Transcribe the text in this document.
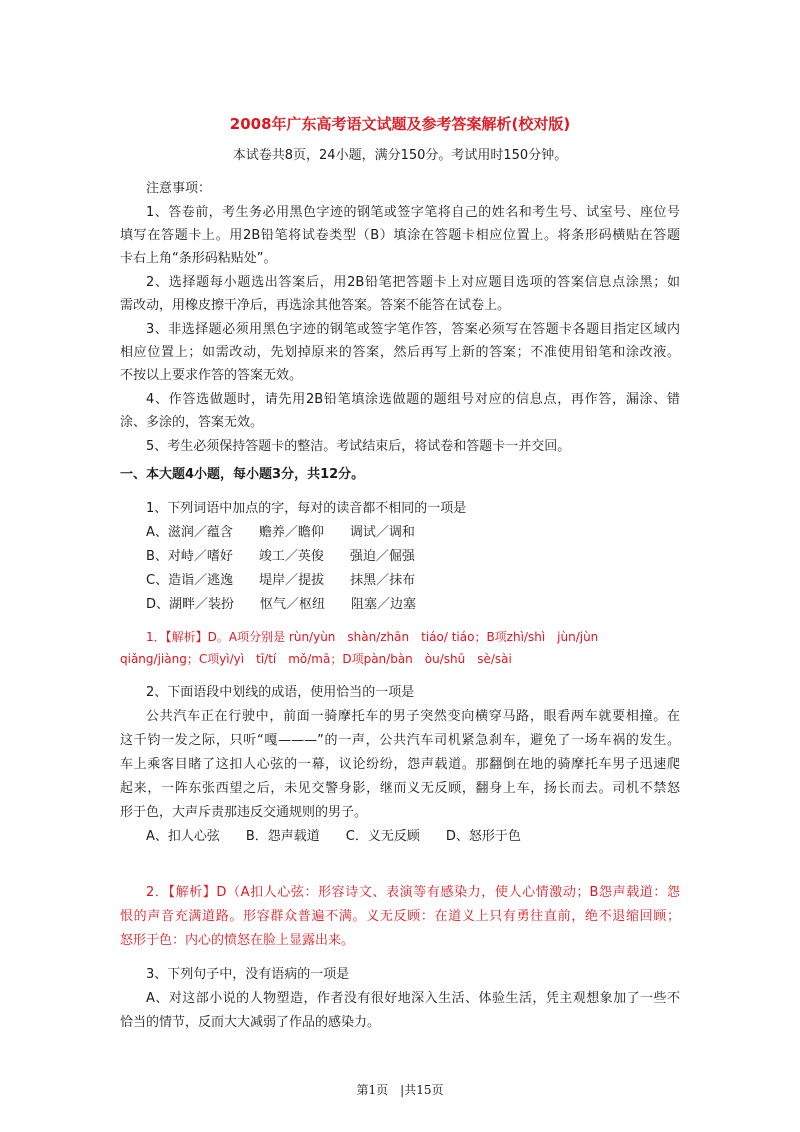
2008年广东高考语文试题及参考答案解析(校对版)
本试卷共8页，24小题，满分150分。考试用时150分钟。
注意事项：
1、答卷前，考生务必用黑色字迹的钢笔或签字笔将自己的姓名和考生号、试室号、座位号
填写在答题卡上。用2B铅笔将试卷类型（B）填涂在答题卡相应位置上。将条形码横贴在答题
卡右上角“条形码粘贴处”。
2、选择题每小题选出答案后，用2B铅笔把答题卡上对应题目选项的答案信息点涂黑；如
需改动，用橡皮擦干净后，再选涂其他答案。答案不能答在试卷上。
3、非选择题必须用黑色字迹的钢笔或签字笔作答，答案必须写在答题卡各题目指定区域内
相应位置上；如需改动，先划掉原来的答案，然后再写上新的答案；不准使用铅笔和涂改液。
不按以上要求作答的答案无效。
4、作答选做题时，请先用2B铅笔填涂选做题的题组号对应的信息点，再作答，漏涂、错
涂、多涂的，答案无效。
5、考生必须保持答题卡的整洁。考试结束后，将试卷和答题卡一并交回。
一、本大题4小题，每小题3分，共12分。
1、下列词语中加点的字，每对的读音都不相同的一项是
A、滋润／蕴含　　赡养／瞻仰　　调试／调和
B、对峙／嗜好　　竣工／英俊　　强迫／倔强
C、造诣／逃逸　　堤岸／提拔　　抹黑／抹布
D、湖畔／装扮　　怄气／枢纽　　阻塞／边塞
1．【解析】D。A项分别是 rùn/yùn　shàn/zhān　tiáo/ tiáo；B项zhì/shì　jùn/jùn
qiǎng/jiàng；C项yì/yì　tī/tí　mǒ/mā；D项pàn/bàn　òu/shū　sè/sài
2、下面语段中划线的成语，使用恰当的一项是
公共汽车正在行驶中，前面一骑摩托车的男子突然变向横穿马路，眼看两车就要相撞。在
这千钧一发之际，只听“嘎———”的一声，公共汽车司机紧急刹车，避免了一场车祸的发生。
车上乘客目睹了这扣人心弦的一幕，议论纷纷，怨声载道。那翻倒在地的骑摩托车男子迅速爬
起来，一阵东张西望之后，未见交警身影，继而义无反顾，翻身上车，扬长而去。司机不禁怒
形于色，大声斥责那违反交通规则的男子。
A、扣人心弦　　B．怨声载道　　C．义无反顾　　D、怒形于色
2．【解析】D（A扣人心弦：形容诗文、表演等有感染力，使人心情激动；B怨声载道：怨
恨的声音充满道路。形容群众普遍不满。义无反顾：在道义上只有勇往直前，绝不退缩回顾；
怒形于色：内心的愤怒在脸上显露出来。
3、下列句子中，没有语病的一项是
A、对这部小说的人物塑造，作者没有很好地深入生活、体验生活，凭主观想象加了一些不
恰当的情节，反而大大减弱了作品的感染力。
第1页　|共15页
